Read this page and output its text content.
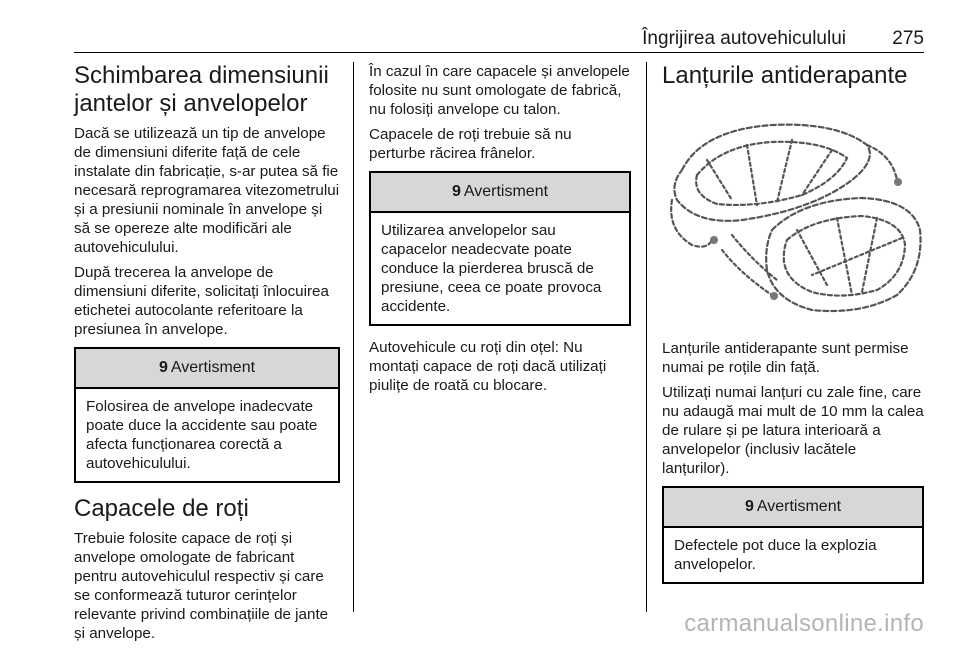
Îngrijirea autovehiculului 275
Schimbarea dimensiunii jantelor și anvelopelor

Dacă se utilizează un tip de anvelope de dimensiuni diferite față de cele instalate din fabricație, s-ar putea să fie necesară reprogramarea vitezometrului și a presiunii nominale în anvelope și să se opereze alte modificări ale autovehiculului.

După trecerea la anvelope de dimensiuni diferite, solicitați înlocuirea etichetei autocolante referitoare la presiunea în anvelope.

9 Avertisment
Folosirea de anvelope inadecvate poate duce la accidente sau poate afecta funcționarea corectă a autovehiculului.
Capacele de roți

Trebuie folosite capace de roți și anvelope omologate de fabricant pentru autovehiculul respectiv și care se conformează tuturor cerințelor relevante privind combinațiile de jante și anvelope.

În cazul în care capacele și anvelopele folosite nu sunt omologate de fabrică, nu folosiți anvelope cu talon.

Capacele de roți trebuie să nu perturbe răcirea frânelor.

9 Avertisment
Utilizarea anvelopelor sau capacelor neadecvate poate conduce la pierderea bruscă de presiune, ceea ce poate provoca accidente.

Autovehicule cu roți din oțel: Nu montați capace de roți dacă utilizați piulițe de roată cu blocare.

Lanțurile antiderapante

Lanțurile antiderapante sunt permise numai pe roțile din față.

Utilizați numai lanțuri cu zale fine, care nu adaugă mai mult de 10 mm la calea de rulare și pe latura interioară a anvelopelor (inclusiv lacătele lanțurilor).

9 Avertisment
Defectele pot duce la explozia anvelopelor.
carmanualsonline.info
